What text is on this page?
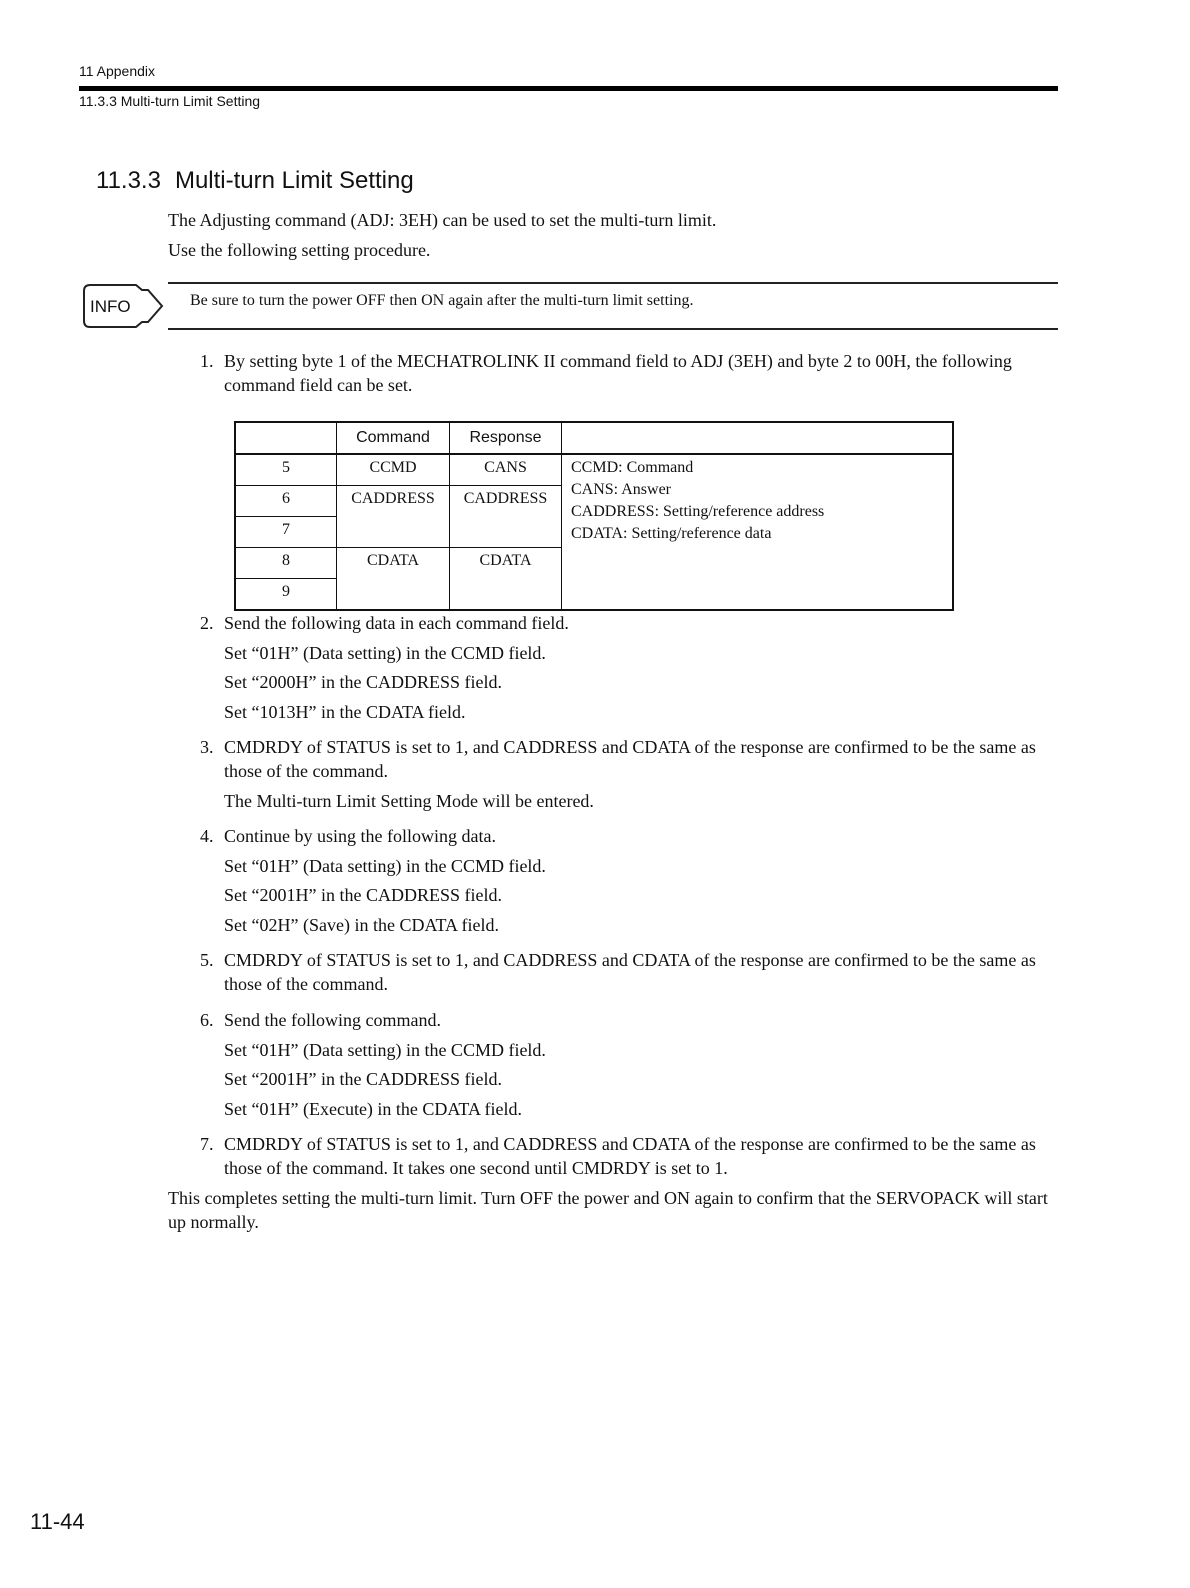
11 Appendix
11.3.3 Multi-turn Limit Setting
11.3.3 Multi-turn Limit Setting
The Adjusting command (ADJ: 3EH) can be used to set the multi-turn limit.
Use the following setting procedure.
INFO	Be sure to turn the power OFF then ON again after the multi-turn limit setting.
1. By setting byte 1 of the MECHATROLINK II command field to ADJ (3EH) and byte 2 to 00H, the following command field can be set.
	Command	Response	
5	CCMD	CANS	CCMD: Command
CANS: Answer
CADDRESS: Setting/reference address
CDATA: Setting/reference data

6	CADDRESS	CADDRESS	
7			
8	CDATA	CDATA	
9			
2. Send the following data in each command field.
Set “01H” (Data setting) in the CCMD field.
Set “2000H” in the CADDRESS field.
Set “1013H” in the CDATA field.
3. CMDRDY of STATUS is set to 1, and CADDRESS and CDATA of the response are confirmed to be the same as those of the command.
The Multi-turn Limit Setting Mode will be entered.
4. Continue by using the following data.
Set “01H” (Data setting) in the CCMD field.
Set “2001H” in the CADDRESS field.
Set “02H” (Save) in the CDATA field.
5. CMDRDY of STATUS is set to 1, and CADDRESS and CDATA of the response are confirmed to be the same as those of the command.
6. Send the following command.
Set “01H” (Data setting) in the CCMD field.
Set “2001H” in the CADDRESS field.
Set “01H” (Execute) in the CDATA field.
7. CMDRDY of STATUS is set to 1, and CADDRESS and CDATA of the response are confirmed to be the same as those of the command. It takes one second until CMDRDY is set to 1.
This completes setting the multi-turn limit. Turn OFF the power and ON again to confirm that the SERVOPACK will start up normally.
11-44
